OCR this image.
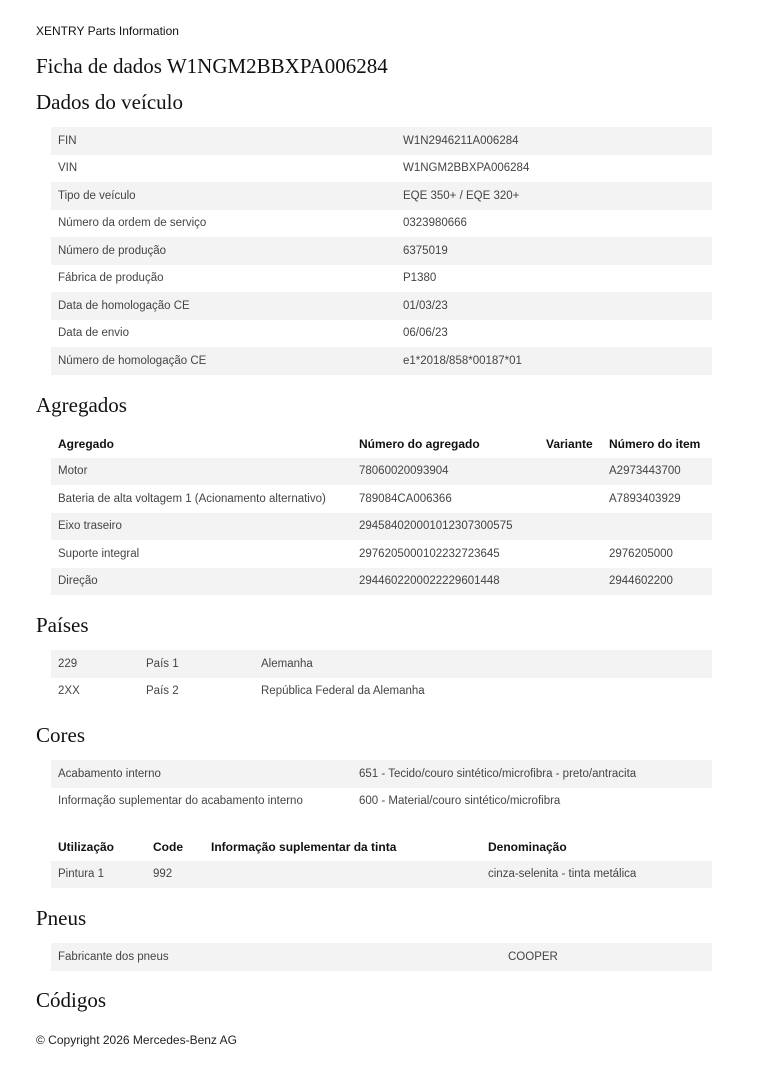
XENTRY Parts Information
Ficha de dados W1NGM2BBXPA006284
Dados do veículo
FIN	W1N2946211A006284
VIN	W1NGM2BBXPA006284
Tipo de veículo	EQE 350+ / EQE 320+
Número da ordem de serviço	0323980666
Número de produção	6375019
Fábrica de produção	P1380
Data de homologação CE	01/03/23
Data de envio	06/06/23
Número de homologação CE	e1*2018/858*00187*01
Agregados
Agregado	Número do agregado	Variante	Número do item
Motor	78060020093904		A2973443700
Bateria de alta voltagem 1 (Acionamento alternativo)	789084CA006366		A7893403929
Eixo traseiro	29458402000101230730057​5		
Suporte integral	29762050001022327236​45		2976205000
Direção	29446022000222296014​48		2944602200
Países
229	País 1	Alemanha
2XX	País 2	República Federal da Alemanha
Cores
Acabamento interno	651 - Tecido/couro sintético/microfibra - preto/antracita
Informação suplementar do acabamento interno	600 - Material/couro sintético/microfibra
Utilização	Code	Informação suplementar da tinta	Denominação
Pintura 1	992		cinza-selenita - tinta metálica
Pneus
Fabricante dos pneus	COOPER
Códigos
© Copyright 2026 Mercedes-Benz AG
